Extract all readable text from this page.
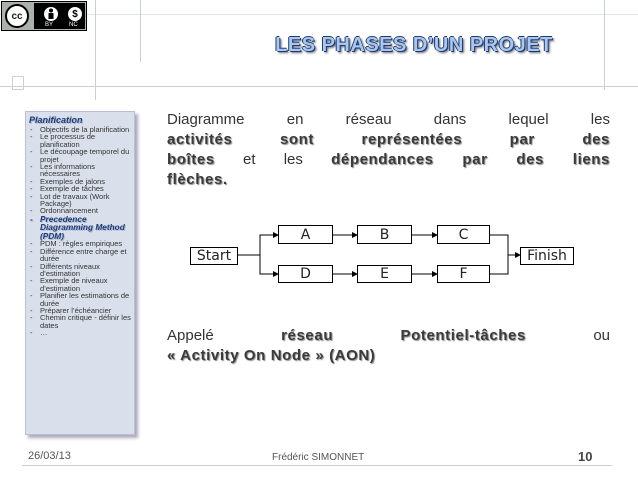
cc	$
BY	NC
LES PHASES D’UN PROJET
Planification
- Objectifs de la planification
- Le processus de planification
- Le découpage temporel du projet
- Les informations nécessaires
- Exemples de jalons
- Exemple de tâches
- Lot de travaux (Work Package)
- Ordonnancement
- Precedence Diagramming Method (PDM)
- PDM : règles empiriques
- Différence entre charge et durée
- Différents niveaux d’estimation
- Exemple de niveaux d’estimation
- Planifier les estimations de durée
- Préparer l’échéancier
- Chemin critique - définir les dates
- …
Diagramme en réseau dans lequel les
activités sont représentées par des
boîtes et les dépendances par des liens
flèches.
Start
A	B	C
D	E	F
Finish
Appelé	réseau	Potentiel-tâches	ou
« Activity On Node » (AON)
26/03/13	Frédéric SIMONNET	10
